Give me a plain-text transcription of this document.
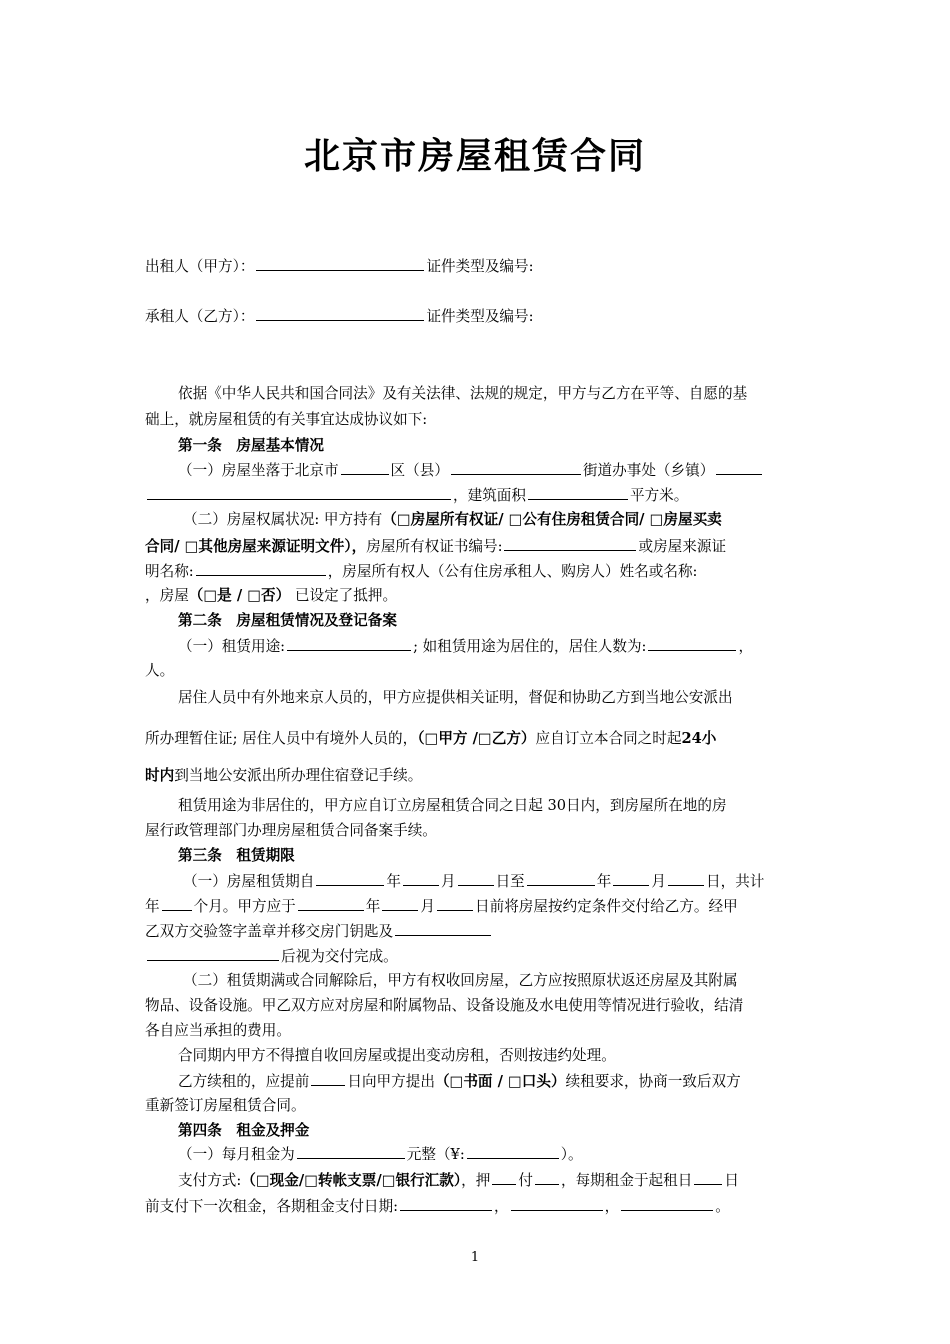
北京市房屋租赁合同
出租人（甲方）：	证件类型及编号:
承租人（乙方）：	证件类型及编号:
依据《中华人民共和国合同法》及有关法律、法规的规定，甲方与乙方在平等、自愿的基
础上，就房屋租赁的有关事宜达成协议如下:
第一条　房屋基本情况
（一）房屋坐落于北京市	区（县）	街道办事处（乡镇）
，建筑面积	平方米。
（二）房屋权属状况: 甲方持有（□房屋所有权证/ □公有住房租赁合同/ □房屋买卖
合同/ □其他房屋来源证明文件），房屋所有权证书编号:	或房屋来源证
明名称:	，房屋所有权人（公有住房承租人、购房人）姓名或名称:
，房屋（□是 / □否） 已设定了抵押。
第二条　房屋租赁情况及登记备案
（一）租赁用途:	; 如租赁用途为居住的，居住人数为:	，
人。
居住人员中有外地来京人员的，甲方应提供相关证明，督促和协助乙方到当地公安派出
所办理暂住证; 居住人员中有境外人员的，（□甲方 /□乙方）应自订立本合同之时起24小
时内到当地公安派出所办理住宿登记手续。
租赁用途为非居住的，甲方应自订立房屋租赁合同之日起 30日内，到房屋所在地的房
屋行政管理部门办理房屋租赁合同备案手续。
第三条　租赁期限
（一）房屋租赁期自	年	月	日至	年	月	日，共计
年 个月。甲方应于	年	月	日前将房屋按约定条件交付给乙方。经甲
乙双方交验签字盖章并移交房门钥匙及
后视为交付完成。
（二）租赁期满或合同解除后，甲方有权收回房屋，乙方应按照原状返还房屋及其附属
物品、设备设施。甲乙双方应对房屋和附属物品、设备设施及水电使用等情况进行验收，结清
各自应当承担的费用。
合同期内甲方不得擅自收回房屋或提出变动房租，否则按违约处理。
乙方续租的，应提前	日向甲方提出（□书面 / □口头）续租要求，协商一致后双方
重新签订房屋租赁合同。
第四条　租金及押金
（一）每月租金为	元整（¥:	）。
支付方式:（□现金/□转帐支票/□银行汇款），押 付 ，每期租金于起租日 日
前支付下一次租金，各期租金支付日期:	，	，	。
1
